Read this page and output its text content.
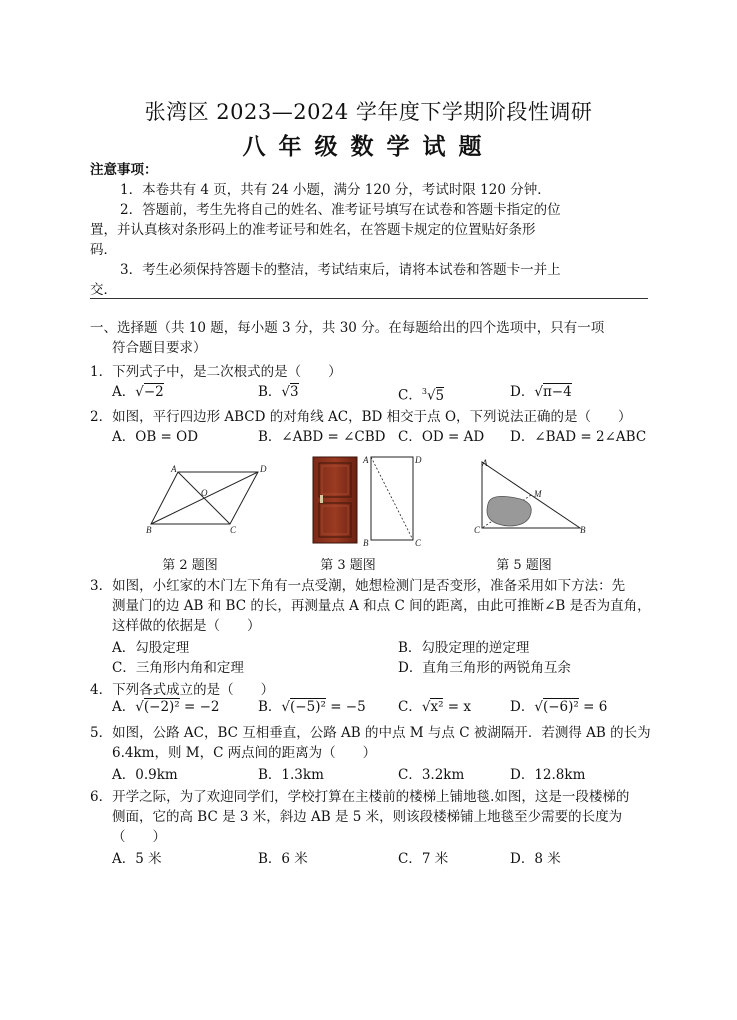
张湾区 2023—2024 学年度下学期阶段性调研
八年级数学试题
注意事项：
1．本卷共有 4 页，共有 24 小题，满分 120 分，考试时限 120 分钟．
2．答题前，考生先将自己的姓名、准考证号填写在试卷和答题卡指定的位
置，并认真核对条形码上的准考证号和姓名，在答题卡规定的位置贴好条形
码．
3．考生必须保持答题卡的整洁，考试结束后，请将本试卷和答题卡一并上
交．
一、选择题（共 10 题，每小题 3 分，共 30 分。在每题给出的四个选项中，只有一项
符合题目要求）
1．下列式子中，是二次根式的是（　　）
A．√−2	B．√3	C．$^3$√5	D．√π−4
2．如图，平行四边形 ABCD 的对角线 AC，BD 相交于点 O，下列说法正确的是（　　）
A．OB = OD	B．∠ABD = ∠CBD C．OD = AD D．∠BAD = 2∠ABC
A	D
O
B	C
A	D
B	C
A
M
C	B
第 2 题图	第 3 题图	第 5 题图
3．如图，小红家的木门左下角有一点受潮，她想检测门是否变形，准备采用如下方法：先
测量门的边 AB 和 BC 的长，再测量点 A 和点 C 间的距离，由此可推断∠B 是否为直角，
这样做的依据是（　　）
A．勾股定理	B．勾股定理的逆定理
C．三角形内角和定理	D．直角三角形的两锐角互余
4．下列各式成立的是（　　）
A．√(−2)² = −2	B．√(−5)² = −5 C．√x² = x	D．√(−6)² = 6
5．如图，公路 AC，BC 互相垂直，公路 AB 的中点 M 与点 C 被湖隔开．若测得 AB 的长为
6.4km，则 M，C 两点间的距离为（　　）
A．0.9km	B．1.3km	C．3.2km	D．12.8km
6．开学之际，为了欢迎同学们，学校打算在主楼前的楼梯上铺地毯.如图，这是一段楼梯的
侧面，它的高 BC 是 3 米，斜边 AB 是 5 米，则该段楼梯铺上地毯至少需要的长度为
（　　）
A．5 米	B．6 米	C．7 米	D．8 米
